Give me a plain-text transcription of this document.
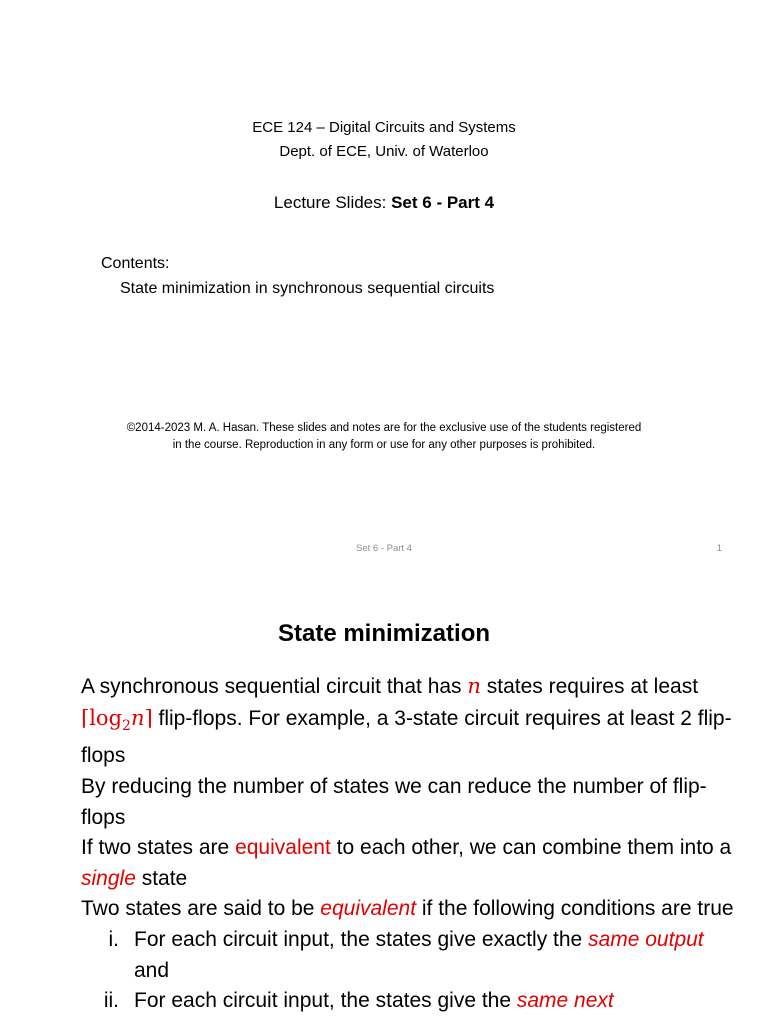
ECE 124 – Digital Circuits and Systems
Dept. of ECE, Univ. of Waterloo
Lecture Slides: Set 6 - Part 4
Contents:
State minimization in synchronous sequential circuits
©2014-2023 M. A. Hasan. These slides and notes are for the exclusive use of the students registered
in the course. Reproduction in any form or use for any other purposes is prohibited.
Set 6 - Part 4	1
State minimization

A synchronous sequential circuit that has n states requires at least $⌈\log_2n⌉$ flip-flops. For example, a 3-state circuit requires at least 2 flip-flops

By reducing the number of states we can reduce the number of flip-flops

If two states are equivalent to each other, we can combine them into a single state

Two states are said to be equivalent if the following conditions are true

i. For each circuit input, the states give exactly the same output and

ii. For each circuit input, the states give the same next
